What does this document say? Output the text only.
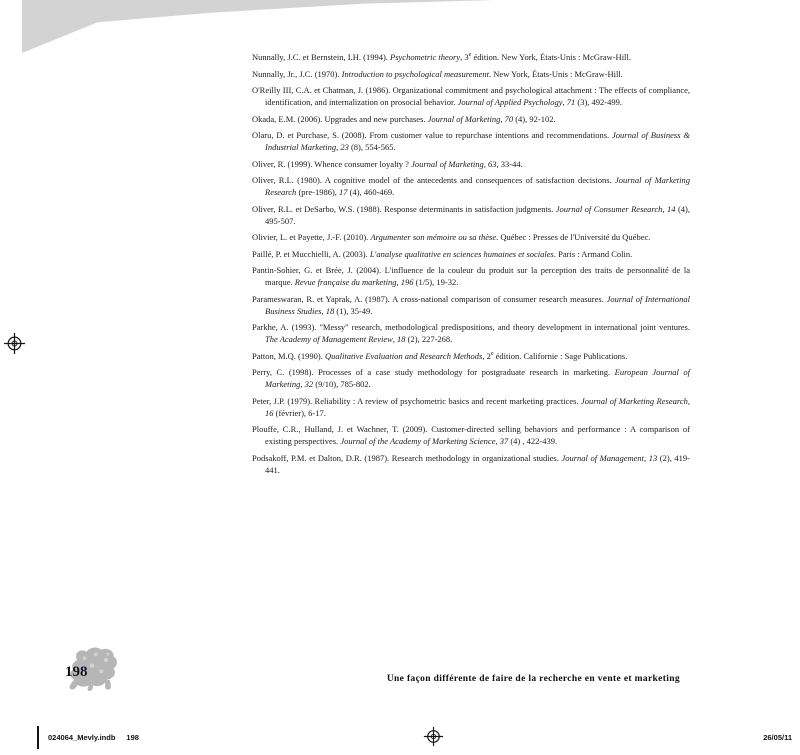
Nunnally, J.C. et Bernstein, I.H. (1994). Psychometric theory, 3e édition. New York, États-Unis : McGraw-Hill.

Nunnally, Jr., J.C. (1970). Introduction to psychological measurement. New York, États-Unis : McGraw-Hill.

O'Reilly III, C.A. et Chatman, J. (1986). Organizational commitment and psychological attachment : The effects of compliance, identification, and internalization on prosocial behavior. Journal of Applied Psychology, 71 (3), 492-499.

Okada, E.M. (2006). Upgrades and new purchases. Journal of Marketing, 70 (4), 92-102.

Olaru, D. et Purchase, S. (2008). From customer value to repurchase intentions and recommendations. Journal of Business & Industrial Marketing, 23 (8), 554-565.

Oliver, R. (1999). Whence consumer loyalty ? Journal of Marketing, 63, 33-44.

Oliver, R.L. (1980). A cognitive model of the antecedents and consequences of satisfaction decisions. Journal of Marketing Research (pre-1986), 17 (4), 460-469.

Oliver, R.L. et DeSarbo, W.S. (1988). Response determinants in satisfaction judgments. Journal of Consumer Research, 14 (4), 495-507.

Olivier, L. et Payette, J.-F. (2010). Argumenter son mémoire ou sa thèse. Québec : Presses de l'Université du Québec.

Paillé, P. et Mucchielli, A. (2003). L'analyse qualitative en sciences humaines et sociales. Paris : Armand Colin.

Pantin-Sohier, G. et Brée, J. (2004). L'influence de la couleur du produit sur la perception des traits de personnalité de la marque. Revue française du marketing, 196 (1/5), 19-32.

Parameswaran, R. et Yaprak, A. (1987). A cross-national comparison of consumer research measures. Journal of International Business Studies, 18 (1), 35-49.

Parkhe, A. (1993). "Messy" research, methodological predispositions, and theory development in international joint ventures. The Academy of Management Review, 18 (2), 227-268.

Patton, M.Q. (1990). Qualitative Evaluation and Research Methods, 2e édition. Californie : Sage Publications.

Perry, C. (1998). Processes of a case study methodology for postgraduate research in marketing. European Journal of Marketing, 32 (9/10), 785-802.

Peter, J.P. (1979). Reliability : A review of psychometric basics and recent marketing practices. Journal of Marketing Research, 16 (février), 6-17.

Plouffe, C.R., Hulland, J. et Wachner, T. (2009). Customer-directed selling behaviors and performance : A comparison of existing perspectives. Journal of the Academy of Marketing Science, 37 (4) , 422-439.

Podsakoff, P.M. et Dalton, D.R. (1987). Research methodology in organizational studies. Journal of Management, 13 (2), 419-441.

198	Une façon différente de faire de la recherche en vente et marketing
024064_Mevly.indb 198	26/05/11
